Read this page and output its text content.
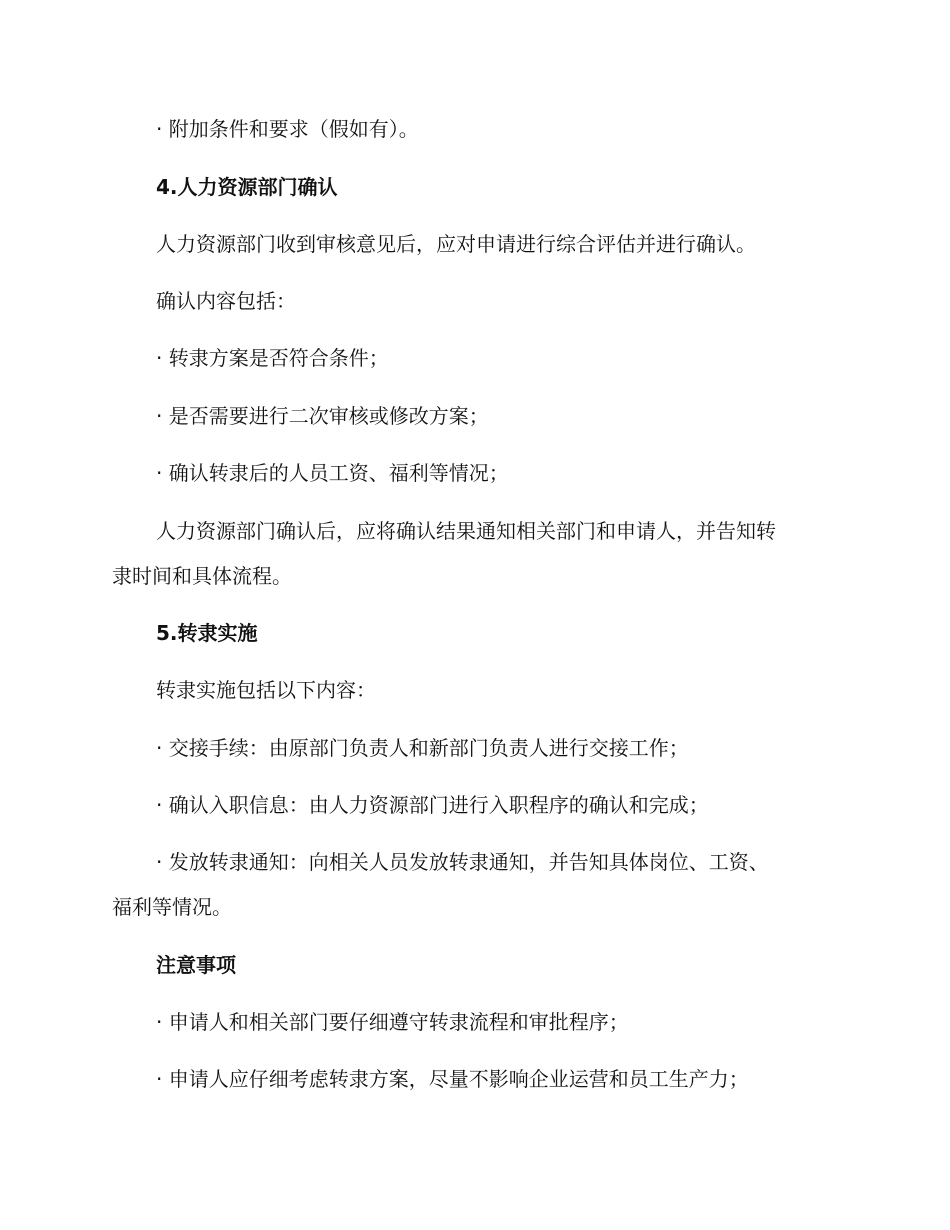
· 附加条件和要求（假如有）。
4.人力资源部门确认
人力资源部门收到审核意见后，应对申请进行综合评估并进行确认。
确认内容包括：
· 转隶方案是否符合条件；
· 是否需要进行二次审核或修改方案；
· 确认转隶后的人员工资、福利等情况；
人力资源部门确认后，应将确认结果通知相关部门和申请人，并告知转
隶时间和具体流程。
5.转隶实施
转隶实施包括以下内容：
· 交接手续：由原部门负责人和新部门负责人进行交接工作；
· 确认入职信息：由人力资源部门进行入职程序的确认和完成；
· 发放转隶通知：向相关人员发放转隶通知，并告知具体岗位、工资、
福利等情况。
注意事项
· 申请人和相关部门要仔细遵守转隶流程和审批程序；
· 申请人应仔细考虑转隶方案，尽量不影响企业运营和员工生产力；
